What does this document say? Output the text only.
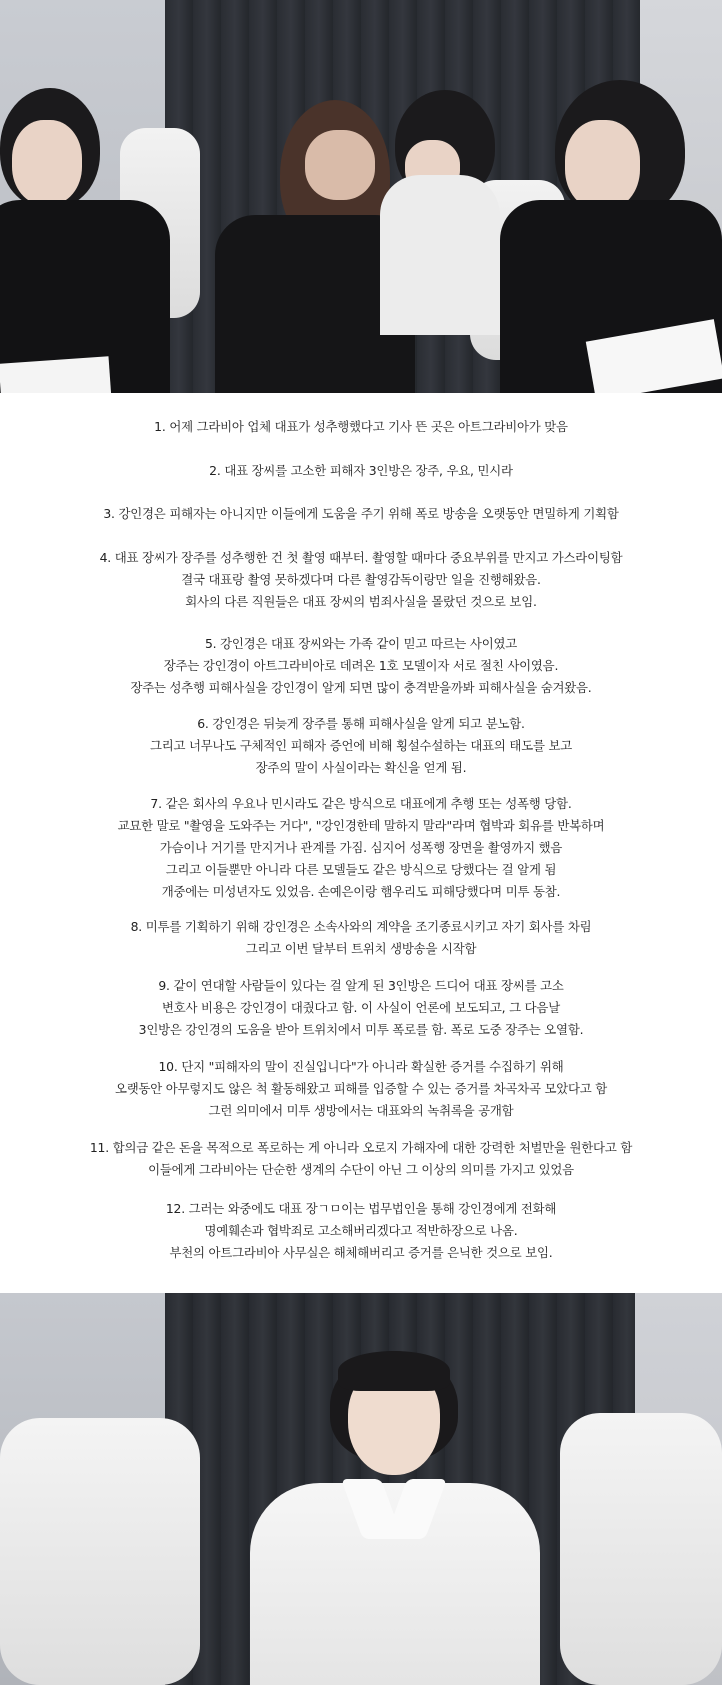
1. 어제 그라비아 업체 대표가 성추행했다고 기사 뜬 곳은 아트그라비아가 맞음
2. 대표 장씨를 고소한 피해자 3인방은 장주, 우요, 민시라
3. 강인경은 피해자는 아니지만 이들에게 도움을 주기 위해 폭로 방송을 오랫동안 면밀하게 기획함
4. 대표 장씨가 장주를 성추행한 건 첫 촬영 때부터. 촬영할 때마다 중요부위를 만지고 가스라이팅함
결국 대표랑 촬영 못하겠다며 다른 촬영감독이랑만 일을 진행해왔음.
회사의 다른 직원들은 대표 장씨의 범죄사실을 몰랐던 것으로 보임.
5. 강인경은 대표 장씨와는 가족 같이 믿고 따르는 사이였고
장주는 강인경이 아트그라비아로 데려온 1호 모델이자 서로 절친 사이였음.
장주는 성추행 피해사실을 강인경이 알게 되면 많이 충격받을까봐 피해사실을 숨겨왔음.
6. 강인경은 뒤늦게 장주를 통해 피해사실을 알게 되고 분노함.
그리고 너무나도 구체적인 피해자 증언에 비해 횡설수설하는 대표의 태도를 보고
장주의 말이 사실이라는 확신을 얻게 됨.
7. 같은 회사의 우요나 민시라도 같은 방식으로 대표에게 추행 또는 성폭행 당함.
교묘한 말로 "촬영을 도와주는 거다", "강인경한테 말하지 말라"라며 협박과 회유를 반복하며
가슴이나 거기를 만지거나 관계를 가짐. 심지어 성폭행 장면을 촬영까지 했음
그리고 이들뿐만 아니라 다른 모델들도 같은 방식으로 당했다는 걸 알게 됨
개중에는 미성년자도 있었음. 손예은이랑 햄우리도 피해당했다며 미투 동참.
8. 미투를 기획하기 위해 강인경은 소속사와의 계약을 조기종료시키고 자기 회사를 차림
그리고 이번 달부터 트위치 생방송을 시작함
9. 같이 연대할 사람들이 있다는 걸 알게 된 3인방은 드디어 대표 장씨를 고소
변호사 비용은 강인경이 대줬다고 함. 이 사실이 언론에 보도되고, 그 다음날
3인방은 강인경의 도움을 받아 트위치에서 미투 폭로를 함. 폭로 도중 장주는 오열함.
10. 단지 "피해자의 말이 진실입니다"가 아니라 확실한 증거를 수집하기 위해
오랫동안 아무렇지도 않은 척 활동해왔고 피해를 입증할 수 있는 증거를 차곡차곡 모았다고 함
그런 의미에서 미투 생방에서는 대표와의 녹취록을 공개함
11. 합의금 같은 돈을 목적으로 폭로하는 게 아니라 오로지 가해자에 대한 강력한 처벌만을 원한다고 함
이들에게 그라비아는 단순한 생계의 수단이 아닌 그 이상의 의미를 가지고 있었음
12. 그러는 와중에도 대표 장ㄱㅁ이는 법무법인을 통해 강인경에게 전화해
명예훼손과 협박죄로 고소해버리겠다고 적반하장으로 나옴.
부천의 아트그라비아 사무실은 해체해버리고 증거를 은닉한 것으로 보임.
